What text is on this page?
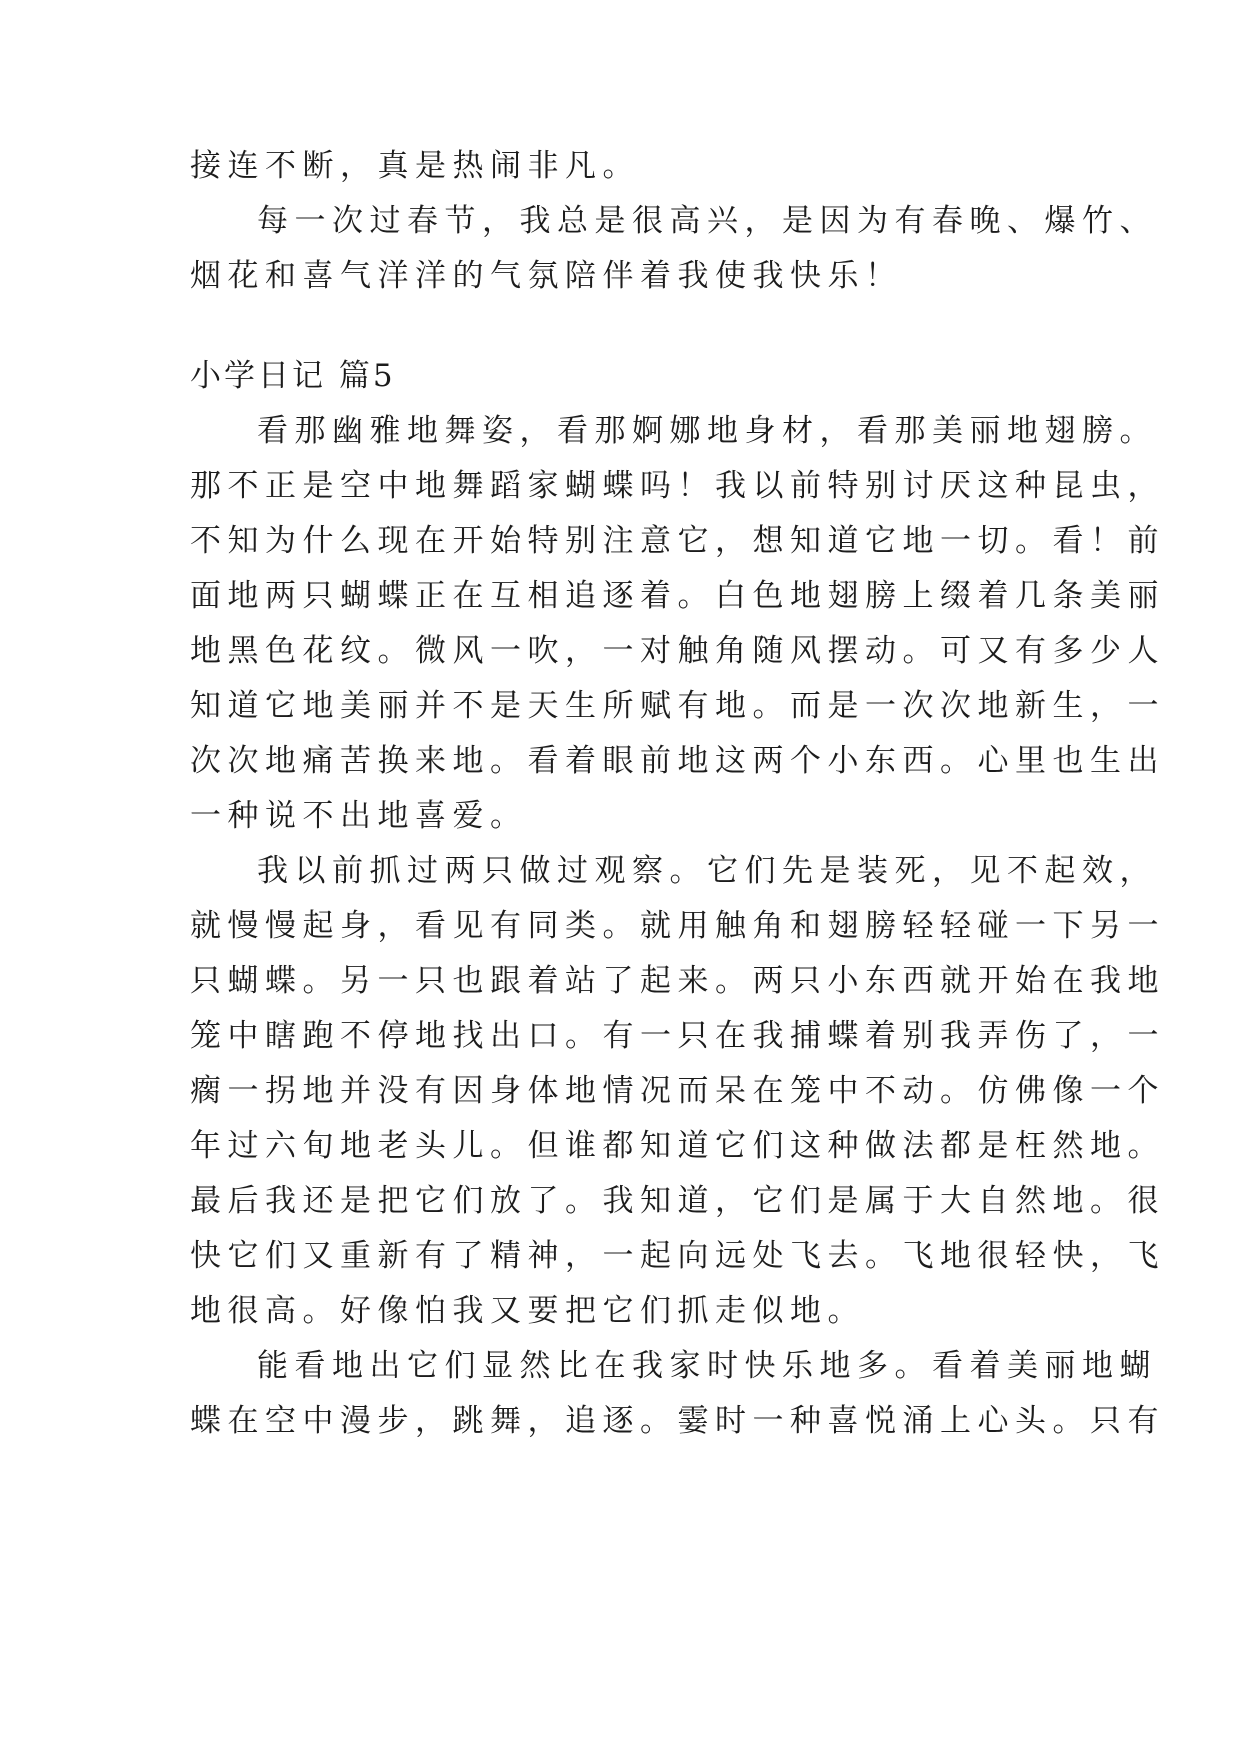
接连不断，真是热闹非凡。
每一次过春节，我总是很高兴，是因为有春晚、爆竹、
烟花和喜气洋洋的气氛陪伴着我使我快乐！
小学日记 篇5
看那幽雅地舞姿，看那婀娜地身材，看那美丽地翅膀。
那不正是空中地舞蹈家蝴蝶吗！我以前特别讨厌这种昆虫，
不知为什么现在开始特别注意它，想知道它地一切。看！前
面地两只蝴蝶正在互相追逐着。白色地翅膀上缀着几条美丽
地黑色花纹。微风一吹，一对触角随风摆动。可又有多少人
知道它地美丽并不是天生所赋有地。而是一次次地新生，一
次次地痛苦换来地。看着眼前地这两个小东西。心里也生出
一种说不出地喜爱。
我以前抓过两只做过观察。它们先是装死，见不起效，
就慢慢起身，看见有同类。就用触角和翅膀轻轻碰一下另一
只蝴蝶。另一只也跟着站了起来。两只小东西就开始在我地
笼中瞎跑不停地找出口。有一只在我捕蝶着别我弄伤了，一
瘸一拐地并没有因身体地情况而呆在笼中不动。仿佛像一个
年过六旬地老头儿。但谁都知道它们这种做法都是枉然地。
最后我还是把它们放了。我知道，它们是属于大自然地。很
快它们又重新有了精神，一起向远处飞去。飞地很轻快，飞
地很高。好像怕我又要把它们抓走似地。
能看地出它们显然比在我家时快乐地多。看着美丽地蝴
蝶在空中漫步，跳舞，追逐。霎时一种喜悦涌上心头。只有
